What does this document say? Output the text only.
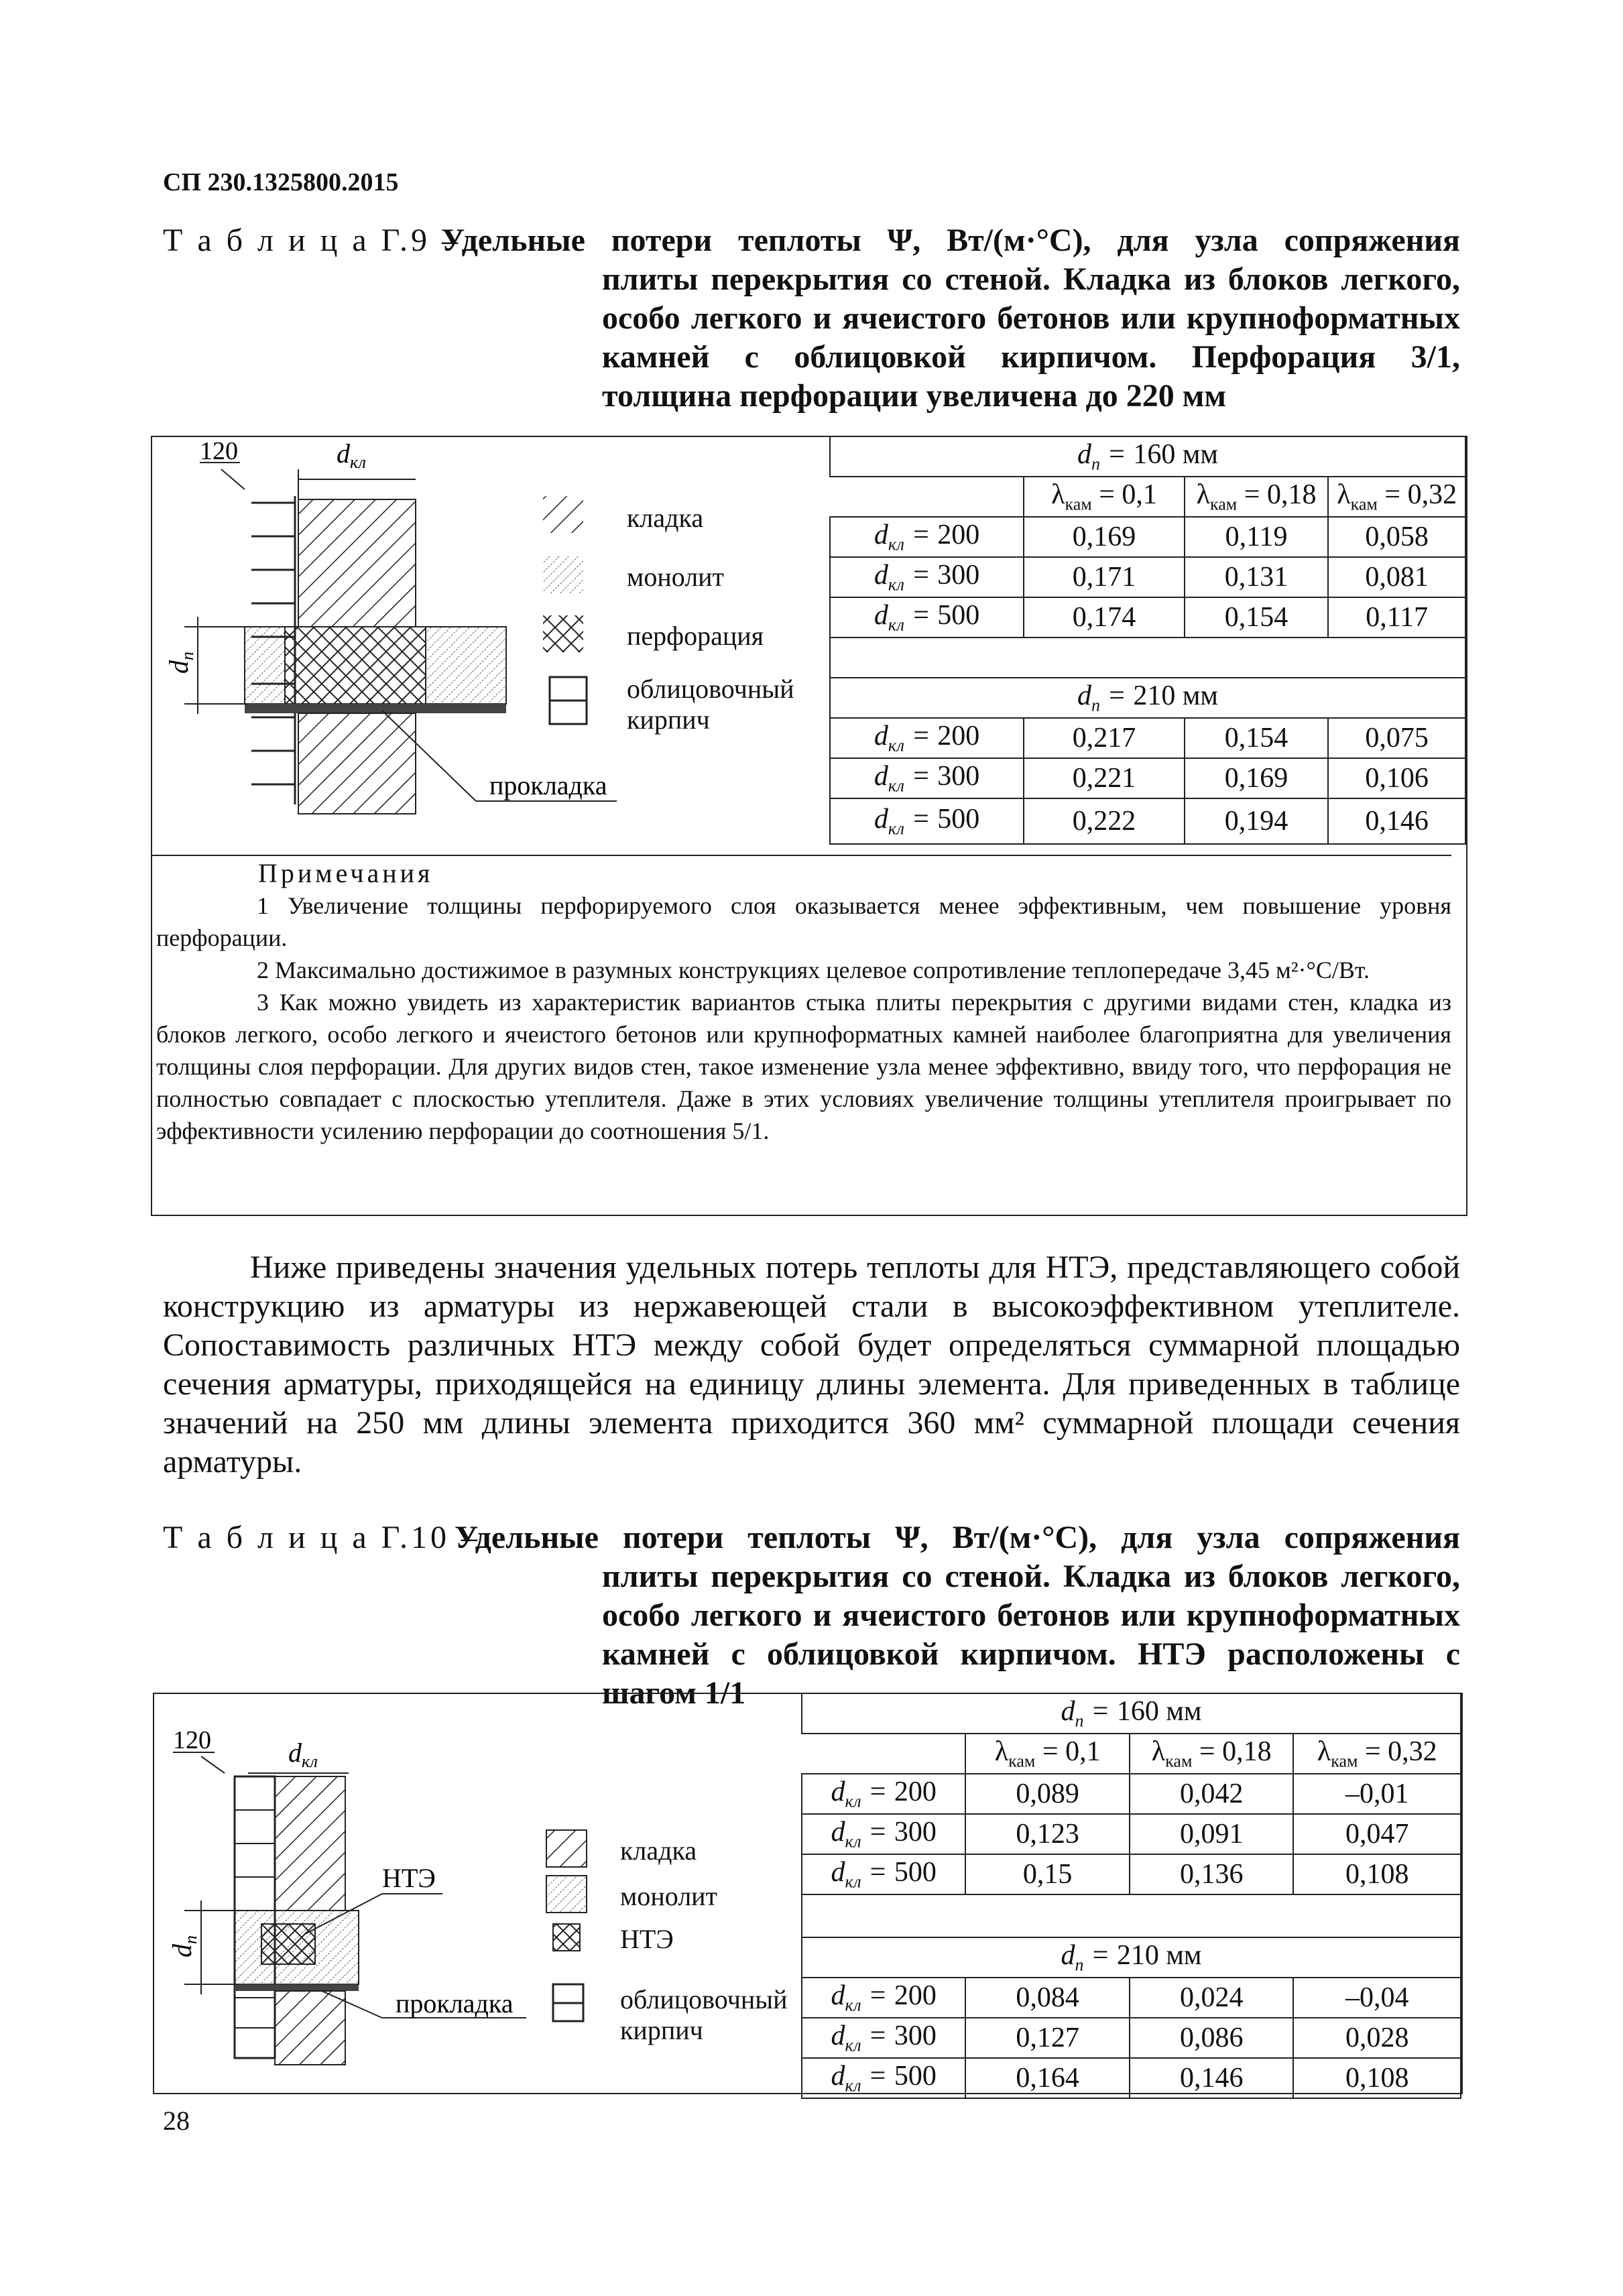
СП 230.1325800.2015
Т а б л и ц а Г.9 –
Удельные потери теплоты Ψ, Вт/(м·°С), для узла сопряжения
плиты перекрытия со стеной. Кладка из блоков легкого, особо легкого и ячеистого бетонов или крупноформатных камней с облицовкой кирпичом. Перфорация 3/1, толщина перфорации увеличена до 220 мм
120	$d_{кл}$
$d_п$
прокладка
кладка
монолит
перфорация
облицовочный кирпич
$d_п = 160$ мм			
	$\lambda_{кам} = 0,1$	$\lambda_{кам} = 0,18$	$\lambda_{кам} = 0,32$
$d_{кл} = 200$	0,169	0,119	0,058
$d_{кл} = 300$	0,171	0,131	0,081
$d_{кл} = 500$	0,174	0,154	0,117

$d_п = 210$ мм			
$d_{кл} = 200$	0,217	0,154	0,075
$d_{кл} = 300$	0,221	0,169	0,106
$d_{кл} = 500$	0,222	0,194	0,146
Примечания

1 Увеличение толщины перфорируемого слоя оказывается менее эффективным, чем повышение уровня перфорации.

2 Максимально достижимое в разумных конструкциях целевое сопротивление теплопередаче 3,45 м²·°С/Вт.

3 Как можно увидеть из характеристик вариантов стыка плиты перекрытия с другими видами стен, кладка из блоков легкого, особо легкого и ячеистого бетонов или крупноформатных камней наиболее благоприятна для увеличения толщины слоя перфорации. Для других видов стен, такое изменение узла менее эффективно, ввиду того, что перфорация не полностью совпадает с плоскостью утеплителя. Даже в этих условиях увеличение толщины утеплителя проигрывает по эффективности усилению перфорации до соотношения 5/1.

Ниже приведены значения удельных потерь теплоты для НТЭ, представляющего собой конструкцию из арматуры из нержавеющей стали в высокоэффективном утеплителе. Сопоставимость различных НТЭ между собой будет определяться суммарной площадью сечения арматуры, приходящейся на единицу длины элемента. Для приведенных в таблице значений на 250 мм длины элемента приходится 360 мм² суммарной площади сечения арматуры.
Т а б л и ц а Г.10 –
Удельные потери теплоты Ψ, Вт/(м·°С), для узла сопряжения
плиты перекрытия со стеной. Кладка из блоков легкого, особо легкого и ячеистого бетонов или крупноформатных камней с облицовкой кирпичом. НТЭ расположены с шагом 1/1
120	$d_{кл}$
$d_п$
НТЭ
прокладка
кладка
монолит
НТЭ
облицовочный кирпич
$d_п = 160$ мм			
	$\lambda_{кам} = 0,1$	$\lambda_{кам} = 0,18$	$\lambda_{кам} = 0,32$
$d_{кл} = 200$	0,089	0,042	–0,01
$d_{кл} = 300$	0,123	0,091	0,047
$d_{кл} = 500$	0,15	0,136	0,108

$d_п = 210$ мм			
$d_{кл} = 200$	0,084	0,024	–0,04
$d_{кл} = 300$	0,127	0,086	0,028
$d_{кл} = 500$	0,164	0,146	0,108
28
